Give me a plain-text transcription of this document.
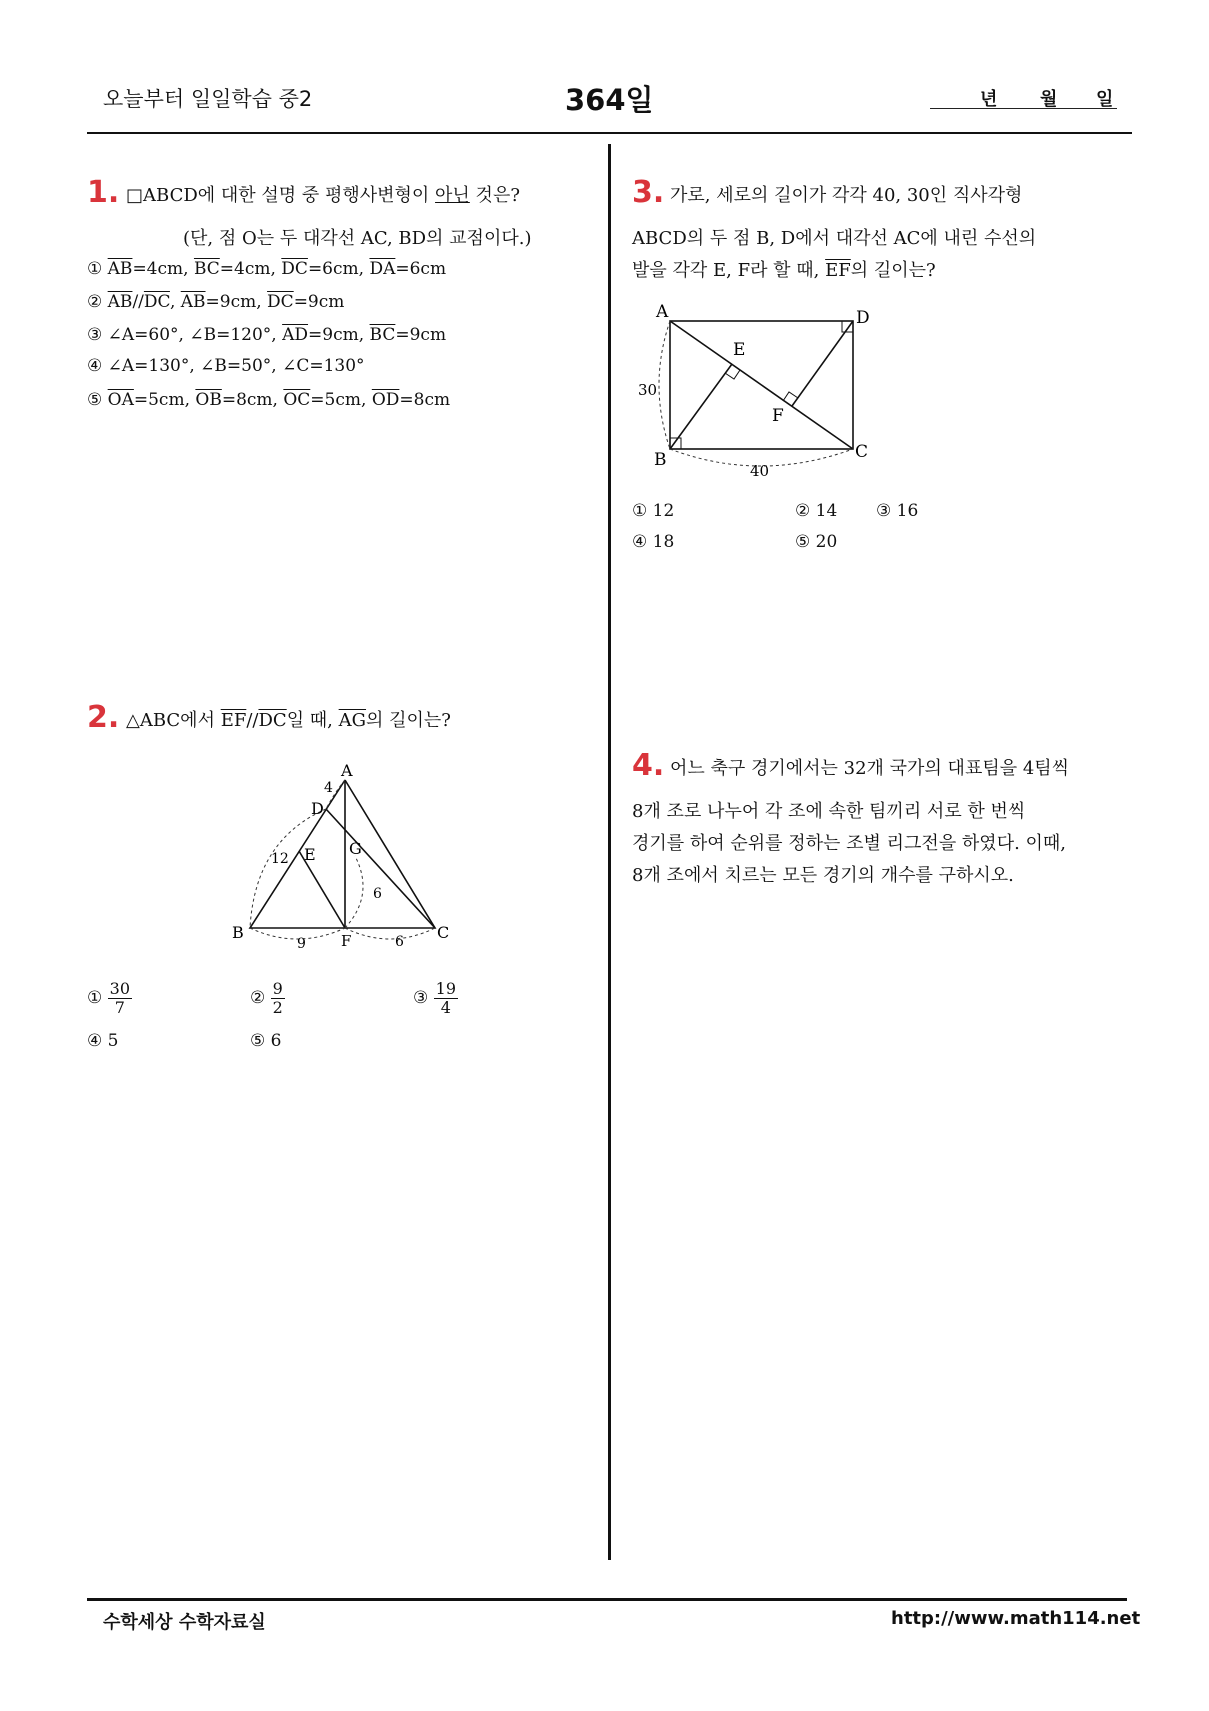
오늘부터 일일학습 중2	364일	년 월 일
1. □ABCD에 대한 설명 중 평행사변형이 아닌 것은?
(단, 점 O는 두 대각선 AC, BD의 교점이다.)
① $\overline{AB}=4cm$, $\overline{BC}=4cm$, $\overline{DC}=6cm$, $\overline{DA}=6cm$
② $\overline{AB}//\overline{DC}$, $\overline{AB}=9cm$, $\overline{DC}=9cm$
③ ∠A=60°, ∠B=120°, $\overline{AD}=9cm$, $\overline{BC}=9cm$
④ ∠A=130°, ∠B=50°, ∠C=130°
⑤ $\overline{OA}=5cm$, $\overline{OB}=8cm$, $\overline{OC}=5cm$, $\overline{OD}=8cm$
2. △ABC에서 $\overline{EF}//\overline{DC}$일 때, $\overline{AG}$의 길이는?
A
B	C
D
E
F
G
4
12
6
9	6
① $\frac{30}{7}$	② $\frac{9}{2}$	③ $\frac{19}{4}$
④ 5	⑤ 6
3. 가로, 세로의 길이가 각각 40, 30인 직사각형
ABCD의 두 점 B, D에서 대각선 AC에 내린 수선의
발을 각각 E, F라 할 때, $\overline{EF}$의 길이는?
A
B	C
D
E
F
30
40
① 12	② 14 ③ 16
④ 18	⑤ 20
4. 어느 축구 경기에서는 32개 국가의 대표팀을 4팀씩
8개 조로 나누어 각 조에 속한 팀끼리 서로 한 번씩
경기를 하여 순위를 정하는 조별 리그전을 하였다. 이때,
8개 조에서 치르는 모든 경기의 개수를 구하시오.
수학세상 수학자료실	http://www.math114.net
